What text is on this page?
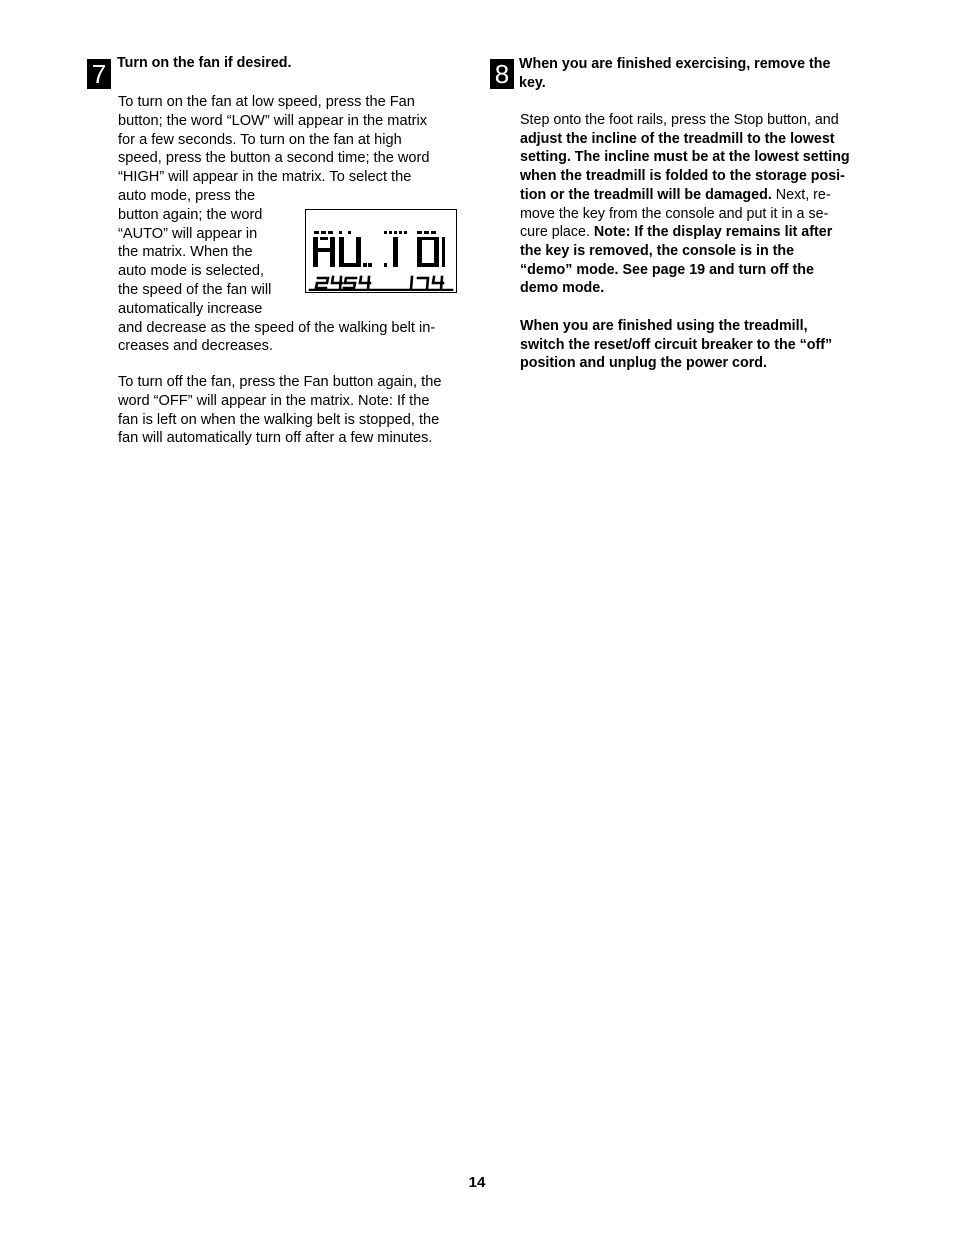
7 Turn on the fan if desired.
To turn on the fan at low speed, press the Fan
button; the word “LOW” will appear in the matrix
for a few seconds. To turn on the fan at high
speed, press the button a second time; the word
“HIGH” will appear in the matrix. To select the
auto mode, press the
button again; the word
“AUTO” will appear in
the matrix. When the
auto mode is selected,
the speed of the fan will
automatically increase
and decrease as the speed of the walking belt in-
creases and decreases.
To turn off the fan, press the Fan button again, the
word “OFF” will appear in the matrix. Note: If the
fan is left on when the walking belt is stopped, the
fan will automatically turn off after a few minutes.
8 When you are finished exercising, remove the
key.
Step onto the foot rails, press the Stop button, and
adjust the incline of the treadmill to the lowest
setting. The incline must be at the lowest setting
when the treadmill is folded to the storage posi-
tion or the treadmill will be damaged. Next, re-
move the key from the console and put it in a se-
cure place. Note: If the display remains lit after
the key is removed, the console is in the
“demo” mode. See page 19 and turn off the
demo mode.
When you are finished using the treadmill,
switch the reset/off circuit breaker to the “off”
position and unplug the power cord.
14
